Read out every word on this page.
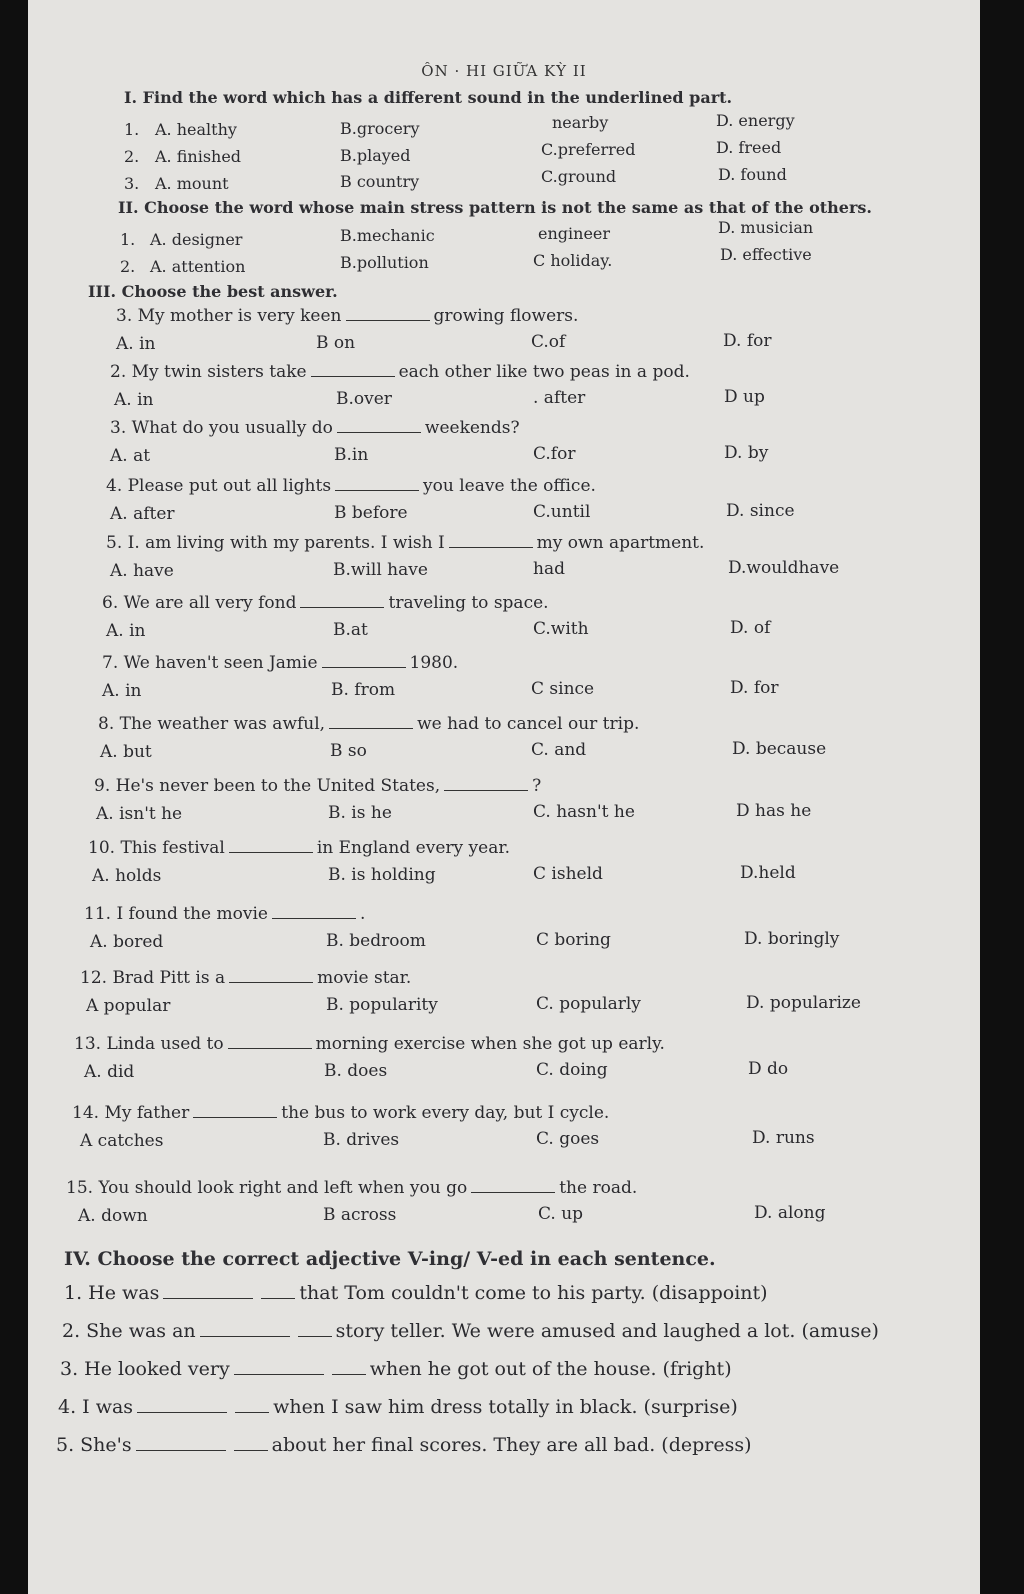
ÔN · HI GIỮA KỲ II
I. Find the word which has a different sound in the underlined part.
1. A. healthy	B.grocery	nearby	D. energy
2. A. finished	B.played	C.preferred	D. freed
3. A. mount	B country	C.ground	D. found
II. Choose the word whose main stress pattern is not the same as that of the others.
1. A. designer	B.mechanic	engineer	D. musician
2. A. attention	B.pollution	C holiday.	D. effective
III. Choose the best answer.
3. My mother is very keen	growing flowers.
A. in	B on	C.of	D. for
2. My twin sisters take	each other like two peas in a pod.
A. in	B.over	. after	D up
3. What do you usually do	weekends?
A. at	B.in	C.for	D. by
4. Please put out all lights	you leave the office.
A. after	B before	C.until	D. since
5. I. am living with my parents. I wish I	my own apartment.
A. have	B.will have	had	D.wouldhave
6. We are all very fond	traveling to space.
A. in	B.at	C.with	D. of
7. We haven't seen Jamie	1980.
A. in	B. from	C since	D. for
8. The weather was awful,	we had to cancel our trip.
A. but	B so	C. and	D. because
9. He's never been to the United States,	?
A. isn't he	B. is he	C. hasn't he	D has he
10. This festival	in England every year.
A. holds	B. is holding	C isheld	D.held
11. I found the movie	.
A. bored	B. bedroom	C boring	D. boringly
12. Brad Pitt is a	movie star.
A popular	B. popularity	C. popularly	D. popularize
13. Linda used to	morning exercise when she got up early.
A. did	B. does	C. doing	D do
14. My father	the bus to work every day, but I cycle.
A catches	B. drives	C. goes	D. runs
15. You should look right and left when you go	the road.
A. down	B across	C. up	D. along
IV. Choose the correct adjective V-ing/ V-ed in each sentence.
1. He was	that Tom couldn't come to his party. (disappoint)
2. She was an	story teller. We were amused and laughed a lot. (amuse)
3. He looked very	when he got out of the house. (fright)
4. I was	when I saw him dress totally in black. (surprise)
5. She's	about her final scores. They are all bad. (depress)
